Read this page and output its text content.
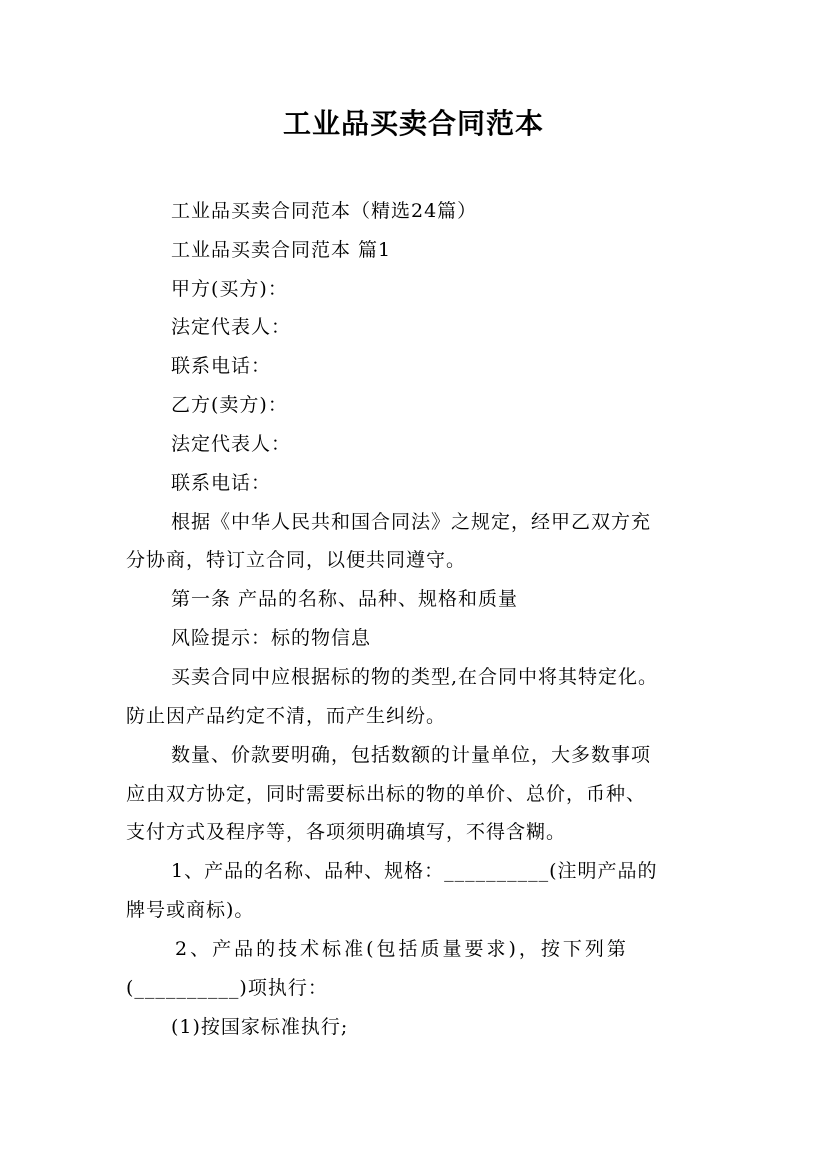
工业品买卖合同范本
工业品买卖合同范本（精选24篇）
工业品买卖合同范本 篇1
甲方(买方)：
法定代表人：
联系电话：
乙方(卖方)：
法定代表人：
联系电话：
根据《中华人民共和国合同法》之规定，经甲乙双方充
分协商，特订立合同，以便共同遵守。
第一条 产品的名称、品种、规格和质量
风险提示：标的物信息
买卖合同中应根据标的物的类型,在合同中将其特定化。
防止因产品约定不清，而产生纠纷。
数量、价款要明确，包括数额的计量单位，大多数事项
应由双方协定，同时需要标出标的物的单价、总价，币种、
支付方式及程序等，各项须明确填写，不得含糊。
1、产品的名称、品种、规格：__________(注明产品的
牌号或商标)。
2、产品的技术标准(包括质量要求)，按下列第
(__________)项执行：
(1)按国家标准执行;
